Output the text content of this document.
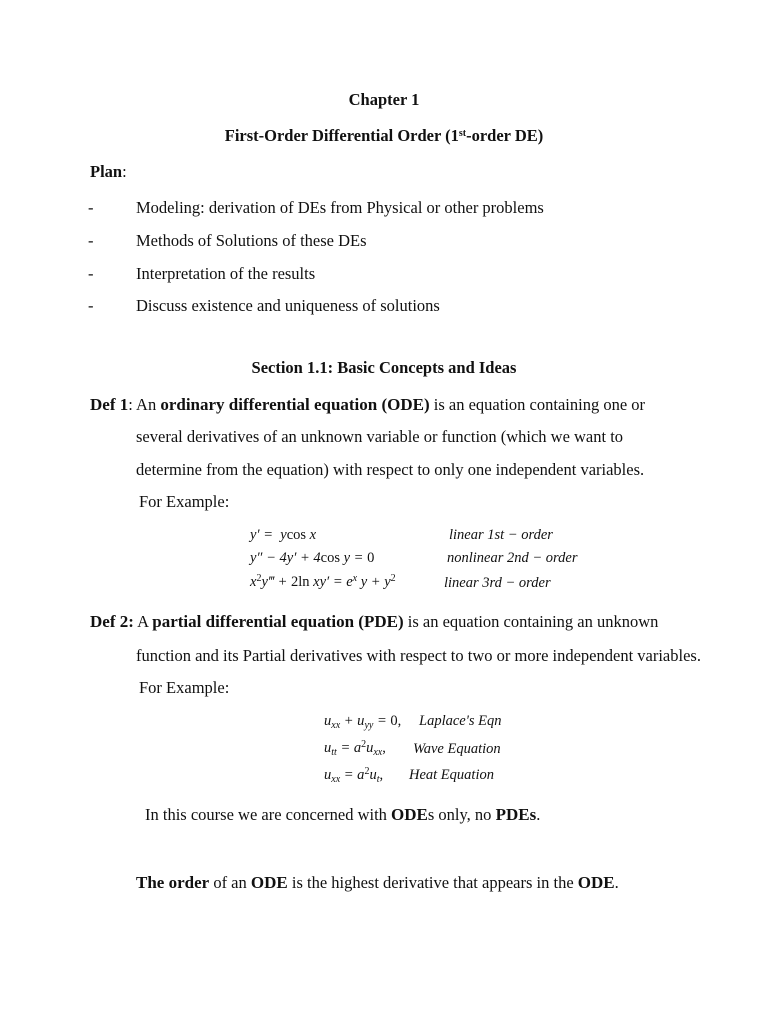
Chapter 1
First-Order Differential Order (1st-order DE)
Plan:
-	Modeling: derivation of DEs from Physical or other problems
-	Methods of Solutions of these DEs
-	Interpretation of the results
-	Discuss existence and uniqueness of solutions
Section 1.1: Basic Concepts and Ideas
Def 1: An ordinary differential equation (ODE) is an equation containing one or
several derivatives of an unknown variable or function (which we want to
determine from the equation) with respect to only one independent variables.
For Example:
y′ =  ycos x	linear 1st − order
y″ − 4y′ + 4cos y = 0	nonlinear 2nd − order
$x^2y‴ + 2\ln$ $xy' = e^x$ $y + y^2$	linear 3rd − order
Def 2: A partial differential equation (PDE) is an equation containing an unknown
function and its Partial derivatives with respect to two or more independent variables.
For Example:
$u_{xx} + u_{yy} = 0$, Laplace's Eqn
$u_{tt} = a^2u_{xx}$, Wave Equation
$u_{xx} = a^2u_t$, Heat Equation
In this course we are concerned with ODEs only, no PDEs.
The order of an ODE is the highest derivative that appears in the ODE.
